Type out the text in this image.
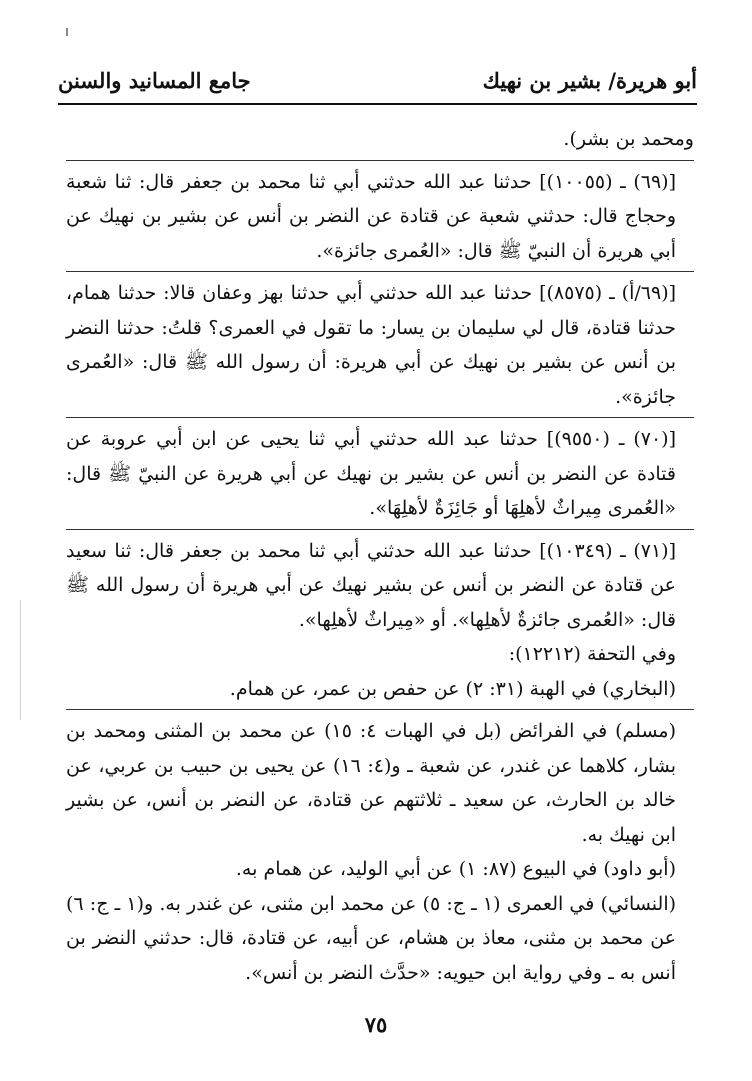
أبو هريرة/ بشير بن نهيك
جامع المسانيد والسنن

ومحمد بن بشر).

[(٦٩) ـ (١٠٠٥٥)] حدثنا عبد الله حدثني أبي ثنا محمد بن جعفر قال: ثنا شعبة وحجاج قال: حدثني شعبة عن قتادة عن النضر بن أنس عن بشير بن نهيك عن أبي هريرة أن النبيّ ﷺ قال: «العُمرى جائزة».

[(٦٩/أ) ـ (٨٥٧٥)] حدثنا عبد الله حدثني أبي حدثنا بهز وعفان قالا: حدثنا همام، حدثنا قتادة، قال لي سليمان بن يسار: ما تقول في العمرى؟ قلتُ: حدثنا النضر بن أنس عن بشير بن نهيك عن أبي هريرة: أن رسول الله ﷺ قال: «العُمرى جائزة».

[(٧٠) ـ (٩٥٥٠)] حدثنا عبد الله حدثني أبي ثنا يحيى عن ابن أبي عروبة عن قتادة عن النضر بن أنس عن بشير بن نهيك عن أبي هريرة عن النبيّ ﷺ قال: «العُمرى مِيراثٌ لأهلِهَا أو جَائِزَةٌ لأهلِهَا».

[(٧١) ـ (١٠٣٤٩)] حدثنا عبد الله حدثني أبي ثنا محمد بن جعفر قال: ثنا سعيد عن قتادة عن النضر بن أنس عن بشير نهيك عن أبي هريرة أن رسول الله ﷺ قال: «العُمرى جائزةٌ لأهلِها». أو «مِيراثٌ لأهلِها».

وفي التحفة (١٢٢١٢):

(البخاري) في الهبة (٣١: ٢) عن حفص بن عمر، عن همام.

(مسلم) في الفرائض (بل في الهبات ٤: ١٥) عن محمد بن المثنى ومحمد بن بشار، كلاهما عن غندر، عن شعبة ـ و(٤: ١٦) عن يحيى بن حبيب بن عربي، عن خالد بن الحارث، عن سعيد ـ ثلاثتهم عن قتادة، عن النضر بن أنس، عن بشير ابن نهيك به.

(أبو داود) في البيوع (٨٧: ١) عن أبي الوليد، عن همام به.

(النسائي) في العمرى (١ ـ ج: ٥) عن محمد ابن مثنى، عن غندر به. و(١ ـ ج: ٦) عن محمد بن مثنى، معاذ بن هشام، عن أبيه، عن قتادة، قال: حدثني النضر بن أنس به ـ وفي رواية ابن حيويه: «حدَّث النضر بن أنس».

٧٥
